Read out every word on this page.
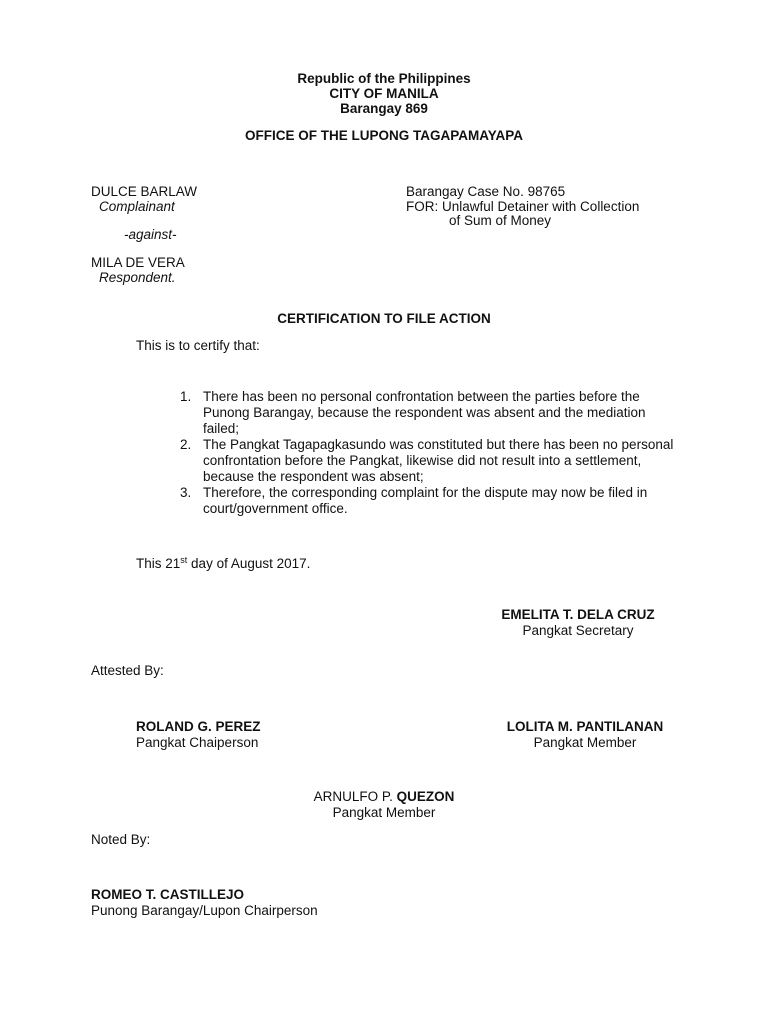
Republic of the Philippines
CITY OF MANILA
Barangay 869
OFFICE OF THE LUPONG TAGAPAMAYAPA
DULCE BARLAW
Complainant
-against-
MILA DE VERA
Respondent.
Barangay Case No. 98765
FOR: Unlawful Detainer with Collection
of Sum of Money
CERTIFICATION TO FILE ACTION
This is to certify that:
1. There has been no personal confrontation between the parties before the Punong Barangay, because the respondent was absent and the mediation failed;
2. The Pangkat Tagapagkasundo was constituted but there has been no personal confrontation before the Pangkat, likewise did not result into a settlement, because the respondent was absent;
3. Therefore, the corresponding complaint for the dispute may now be filed in court/government office.
This 21st day of August 2017.
EMELITA T. DELA CRUZ
Pangkat Secretary
Attested By:
ROLAND G. PEREZ
Pangkat Chaiperson
LOLITA M. PANTILANAN
Pangkat Member
ARNULFO P. QUEZON
Pangkat Member
Noted By:
ROMEO T. CASTILLEJO
Punong Barangay/Lupon Chairperson
